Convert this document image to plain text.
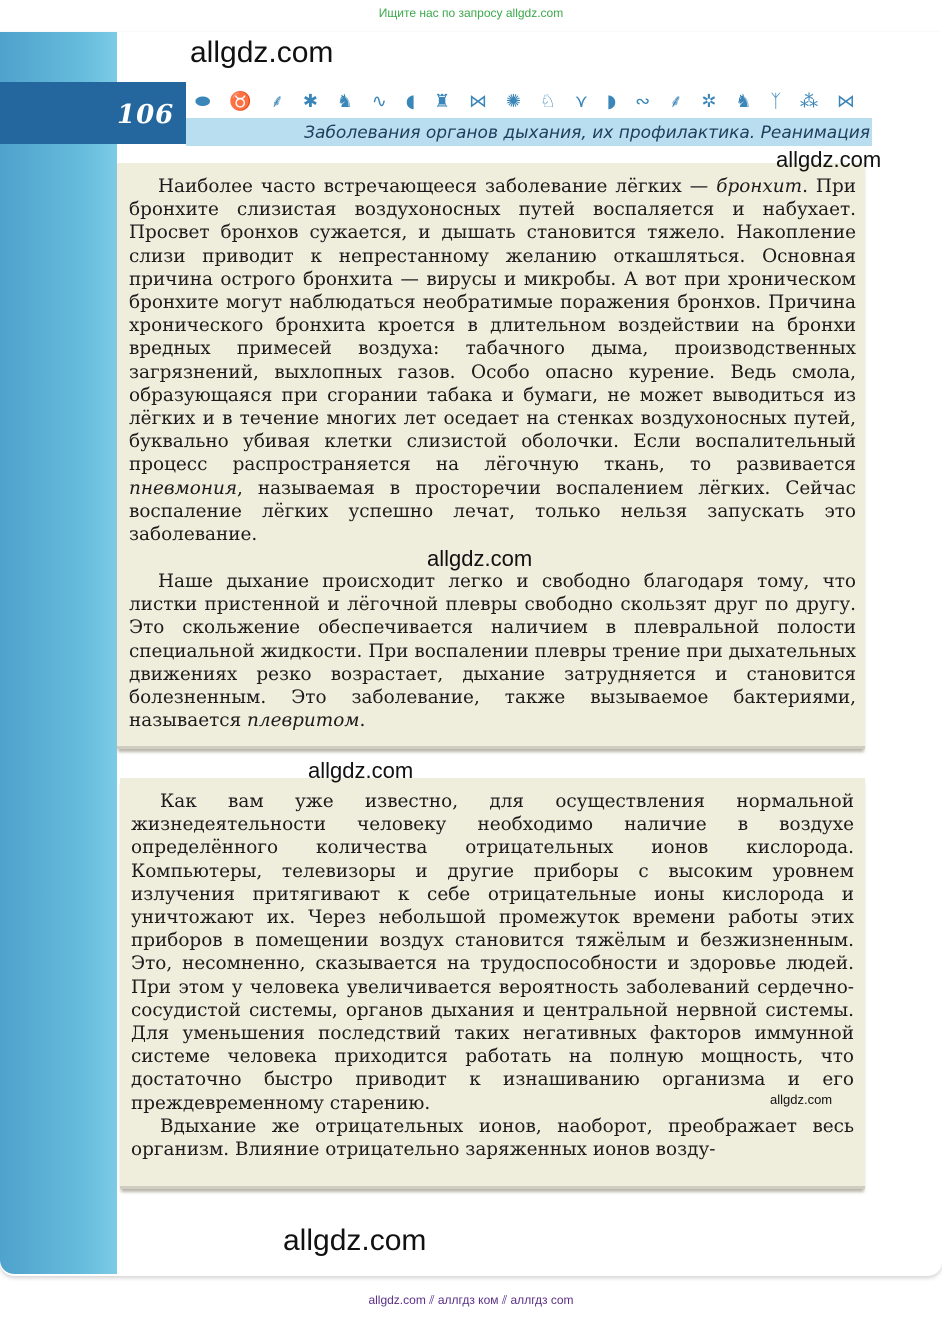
Ищите нас по запросу allgdz.com
106 ⬬ ♉ ⸙ ✱ ♞ ∿ ◖ ♜ ⋈ ✺ ♘ ⋎ ◗ ∾ ⸙ ✲ ♞ ᛉ ⁂ ⋈
Заболевания органов дыхания, их профилактика. Реанимация
Наиболее часто встречающееся заболевание лёгких — бронхит. При бронхите слизистая воздухоносных путей воспаляется и набухает. Просвет бронхов сужается, и дышать становится тяжело. Накопление слизи приводит к непрестанному желанию откашляться. Основная причина острого бронхита — вирусы и микробы. А вот при хроническом бронхите могут наблюдаться необратимые поражения бронхов. Причина хронического бронхита кроется в длительном воздействии на бронхи вредных примесей воздуха: табачного дыма, производственных загрязнений, выхлопных газов. Особо опасно курение. Ведь смола, образующаяся при сгорании табака и бумаги, не может выводиться из лёгких и в течение многих лет оседает на стенках воздухоносных путей, буквально убивая клетки слизистой оболочки. Если воспалительный процесс распространяется на лёгочную ткань, то развивается пневмония, называемая в просторечии воспалением лёгких. Сейчас воспаление лёгких успешно лечат, только нельзя запускать это заболевание.
Наше дыхание происходит легко и свободно благодаря тому, что листки пристенной и лёгочной плевры свободно скользят друг по другу. Это скольжение обеспечивается наличием в плевральной полости специальной жидкости. При воспалении плевры трение при дыхательных движениях резко возрастает, дыхание затрудняется и становится болезненным. Это заболевание, также вызываемое бактериями, называется плевритом.
Как вам уже известно, для осуществления нормальной жизнедеятельности человеку необходимо наличие в воздухе определённого количества отрицательных ионов кислорода. Компьютеры, телевизоры и другие приборы с высоким уровнем излучения притягивают к себе отрицательные ионы кислорода и уничтожают их. Через небольшой промежуток времени работы этих приборов в помещении воздух становится тяжёлым и безжизненным. Это, несомненно, сказывается на трудоспособности и здоровье людей. При этом у человека увеличивается вероятность заболеваний сердечно-сосудистой системы, органов дыхания и центральной нервной системы. Для уменьшения последствий таких негативных факторов иммунной системе человека приходится работать на полную мощность, что достаточно быстро приводит к изнашиванию организма и его преждевременному старению.
Вдыхание же отрицательных ионов, наоборот, преображает весь организм. Влияние отрицательно заряженных ионов возду-
allgdz.com
allgdz.com
allgdz.com
allgdz.com
allgdz.com
allgdz.com
allgdz.com ⫽ аллгдз ком ⫽ аллгдз com
